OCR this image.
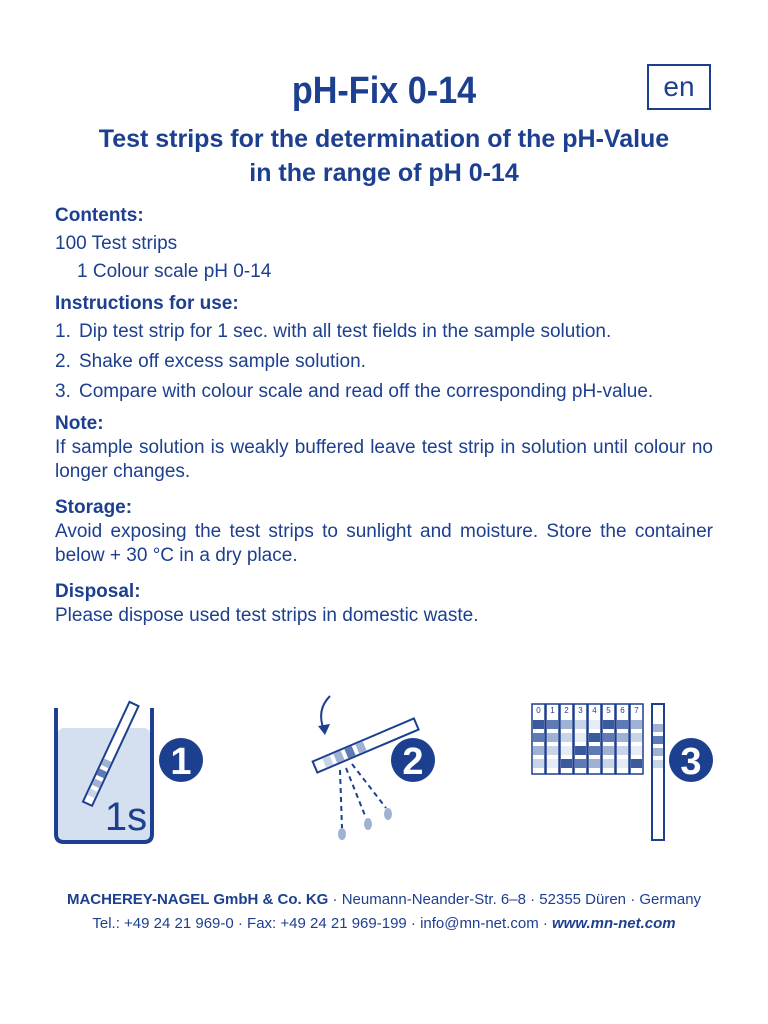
pH-Fix 0-14	en
Test strips for the determination of the pH-Value
in the range of pH 0-14
Contents:
100 Test strips
1 Colour scale pH 0-14
Instructions for use:
1. Dip test strip for 1 sec. with all test fields in the sample solution.
2. Shake off excess sample solution.
3. Compare with colour scale and read off the corresponding pH-value.
Note:
If sample solution is weakly buffered leave test strip in solution until colour no longer changes.
Storage:
Avoid exposing the test strips to sunlight and moisture. Store the container below + 30 °C in a dry place.
Disposal:
Please dispose used test strips in domestic waste.
1s
1	2
0 1 2 3 4 5 6 7
3
MACHEREY-NAGEL GmbH & Co. KG · Neumann-Neander-Str. 6–8 · 52355 Düren · Germany
Tel.: +49 24 21 969-0 · Fax: +49 24 21 969-199 · info@mn-net.com · www.mn-net.com
